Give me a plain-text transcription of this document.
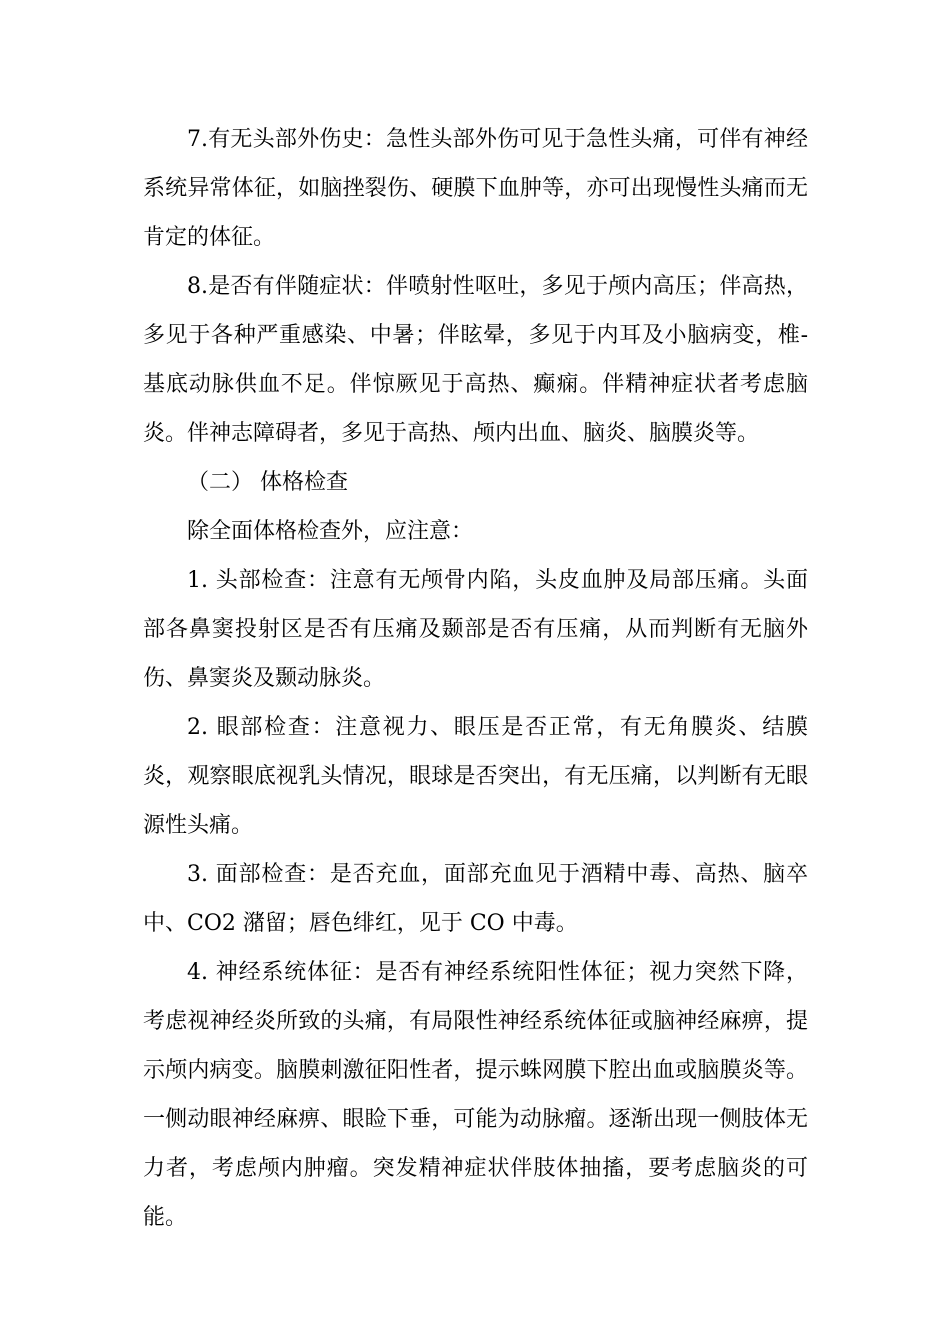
7.有无头部外伤史：急性头部外伤可见于急性头痛，可伴有神经系统异常体征，如脑挫裂伤、硬膜下血肿等，亦可出现慢性头痛而无肯定的体征。

8.是否有伴随症状：伴喷射性呕吐，多见于颅内高压；伴高热，多见于各种严重感染、中暑；伴眩晕，多见于内耳及小脑病变，椎-基底动脉供血不足。伴惊厥见于高热、癫痫。伴精神症状者考虑脑炎。伴神志障碍者，多见于高热、颅内出血、脑炎、脑膜炎等。

（二） 体格检查

除全面体格检查外，应注意：

1. 头部检查：注意有无颅骨内陷，头皮血肿及局部压痛。头面部各鼻窦投射区是否有压痛及颞部是否有压痛，从而判断有无脑外伤、鼻窦炎及颞动脉炎。

2. 眼部检查：注意视力、眼压是否正常，有无角膜炎、结膜炎，观察眼底视乳头情况，眼球是否突出，有无压痛，以判断有无眼源性头痛。

3. 面部检查：是否充血，面部充血见于酒精中毒、高热、脑卒中、CO2 潴留；唇色绯红，见于 CO 中毒。

4. 神经系统体征：是否有神经系统阳性体征；视力突然下降，考虑视神经炎所致的头痛，有局限性神经系统体征或脑神经麻痹，提示颅内病变。脑膜刺激征阳性者，提示蛛网膜下腔出血或脑膜炎等。一侧动眼神经麻痹、眼睑下垂，可能为动脉瘤。逐渐出现一侧肢体无力者，考虑颅内肿瘤。突发精神症状伴肢体抽搐，要考虑脑炎的可能。
